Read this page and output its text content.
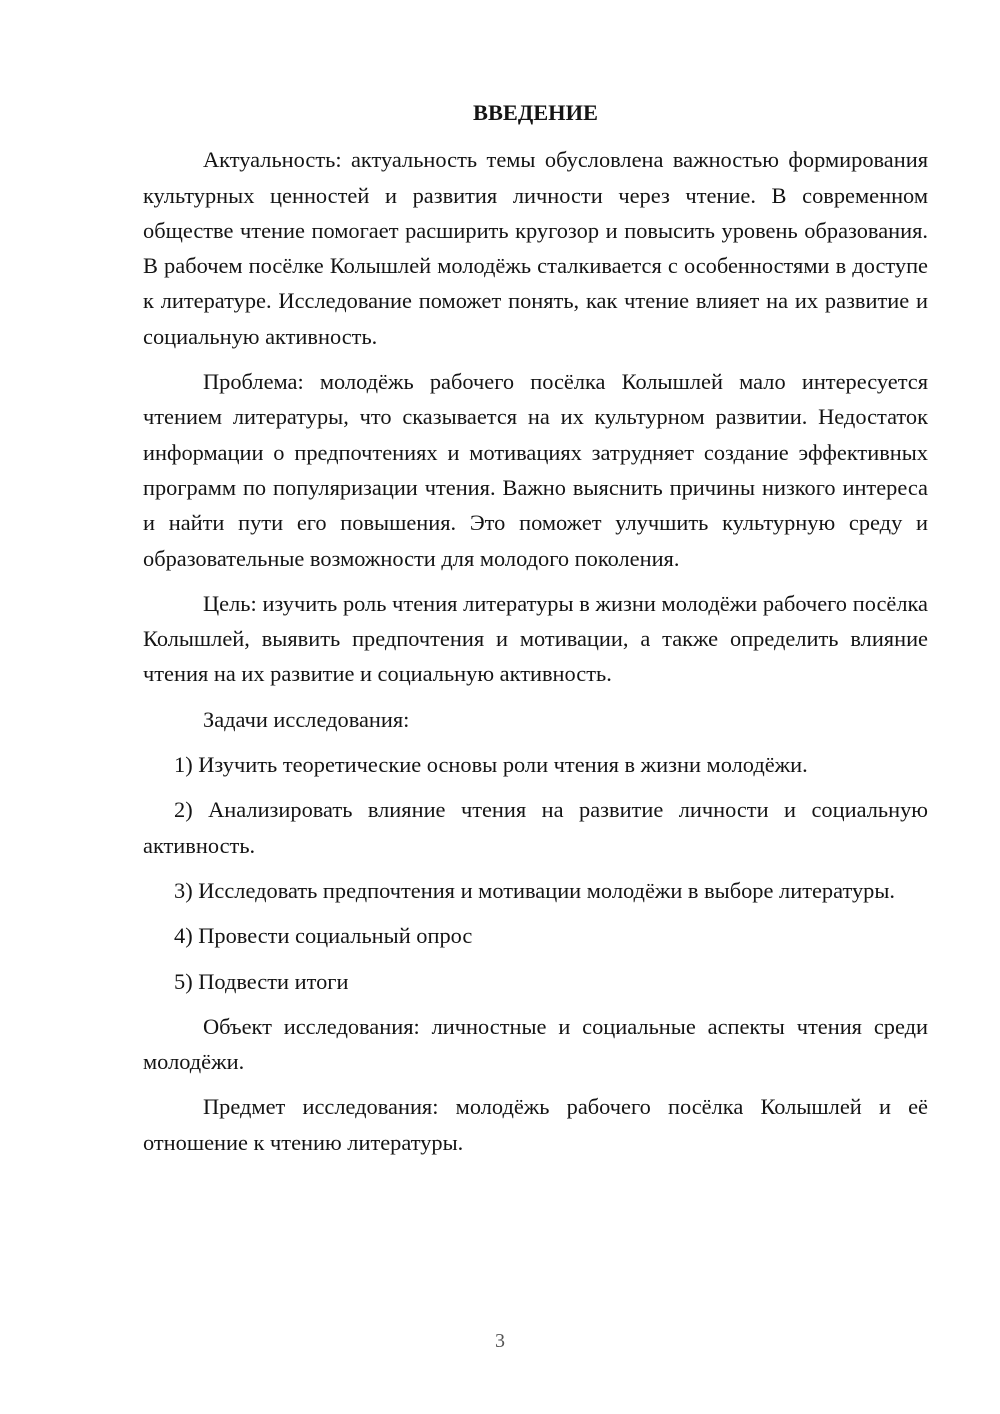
ВВЕДЕНИЕ

Актуальность: актуальность темы обусловлена важностью формирования культурных ценностей и развития личности через чтение. В современном обществе чтение помогает расширить кругозор и повысить уровень образования. В рабочем посёлке Колышлей молодёжь сталкивается с особенностями в доступе к литературе. Исследование поможет понять, как чтение влияет на их развитие и социальную активность.

Проблема: молодёжь рабочего посёлка Колышлей мало интересуется чтением литературы, что сказывается на их культурном развитии. Недостаток информации о предпочтениях и мотивациях затрудняет создание эффективных программ по популяризации чтения. Важно выяснить причины низкого интереса и найти пути его повышения. Это поможет улучшить культурную среду и образовательные возможности для молодого поколения.

Цель: изучить роль чтения литературы в жизни молодёжи рабочего посёлка Колышлей, выявить предпочтения и мотивации, а также определить влияние чтения на их развитие и социальную активность.

Задачи исследования:

1) Изучить теоретические основы роли чтения в жизни молодёжи.

2) Анализировать влияние чтения на развитие личности и социальную активность.

3) Исследовать предпочтения и мотивации молодёжи в выборе литературы.

4) Провести социальный опрос

5) Подвести итоги

Объект исследования: личностные и социальные аспекты чтения среди молодёжи.

Предмет исследования: молодёжь рабочего посёлка Колышлей и её отношение к чтению литературы.

3
